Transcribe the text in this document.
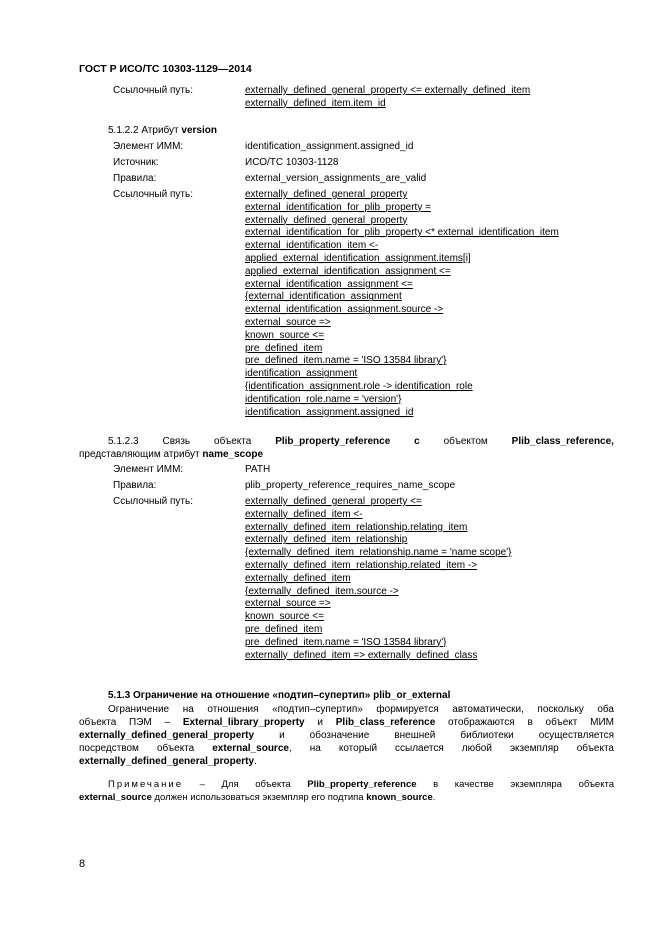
ГОСТ Р ИСО/ТС 10303-1129—2014
Ссылочный путь:	externally_defined_general_property <= externally_defined_item
externally_defined_item.item_id
5.1.2.2 Атрибут version
Элемент ИММ:	identification_assignment.assigned_id
Источник:	ИСО/ТС 10303-1128
Правила:	external_version_assignments_are_valid
Ссылочный путь:	externally_defined_general_property
external_identification_for_plib_property =
externally_defined_general_property
external_identification_for_plib_property <* external_identification_item
external_identification_item <-
applied_external_identification_assignment.items[i]
applied_external_identification_assignment <=
external_identification_assignment <=
{external_identification_assignment
external_identification_assignment.source ->
external_source =>
known_source <=
pre_defined_item
pre_defined_item.name = 'ISO 13584 library'}
identification_assignment
{identification_assignment.role -> identification_role
identification_role.name = 'version'}
identification_assignment.assigned_id
5.1.2.3 Связь объекта Plib_property_reference с объектом Plib_class_reference,
представляющим атрибут name_scope
Элемент ИММ:	PATH
Правила:	plib_property_reference_requires_name_scope
Ссылочный путь:	externally_defined_general_property <=
externally_defined_item <-
externally_defined_item_relationship.relating_item
externally_defined_item_relationship
{externally_defined_item_relationship.name = 'name scope'}
externally_defined_item_relationship.related_item ->
externally_defined_item
{externally_defined_item.source ->
external_source =>
known_source <=
pre_defined_item
pre_defined_item.name = 'ISO 13584 library'}
externally_defined_item => externally_defined_class
5.1.3 Ограничение на отношение «подтип–супертип» plib_or_external
Ограничение на отношения «подтип–супертип» формируется автоматически, поскольку оба
объекта ПЭМ – External_library_property и Plib_class_reference отображаются в объект МИМ
externally_defined_general_property и обозначение внешней библиотеки осуществляется
посредством объекта external_source, на который ссылается любой экземпляр объекта
externally_defined_general_property.
Примечание – Для объекта Plib_property_reference в качестве экземпляра объекта
external_source должен использоваться экземпляр его подтипа known_source.
8
